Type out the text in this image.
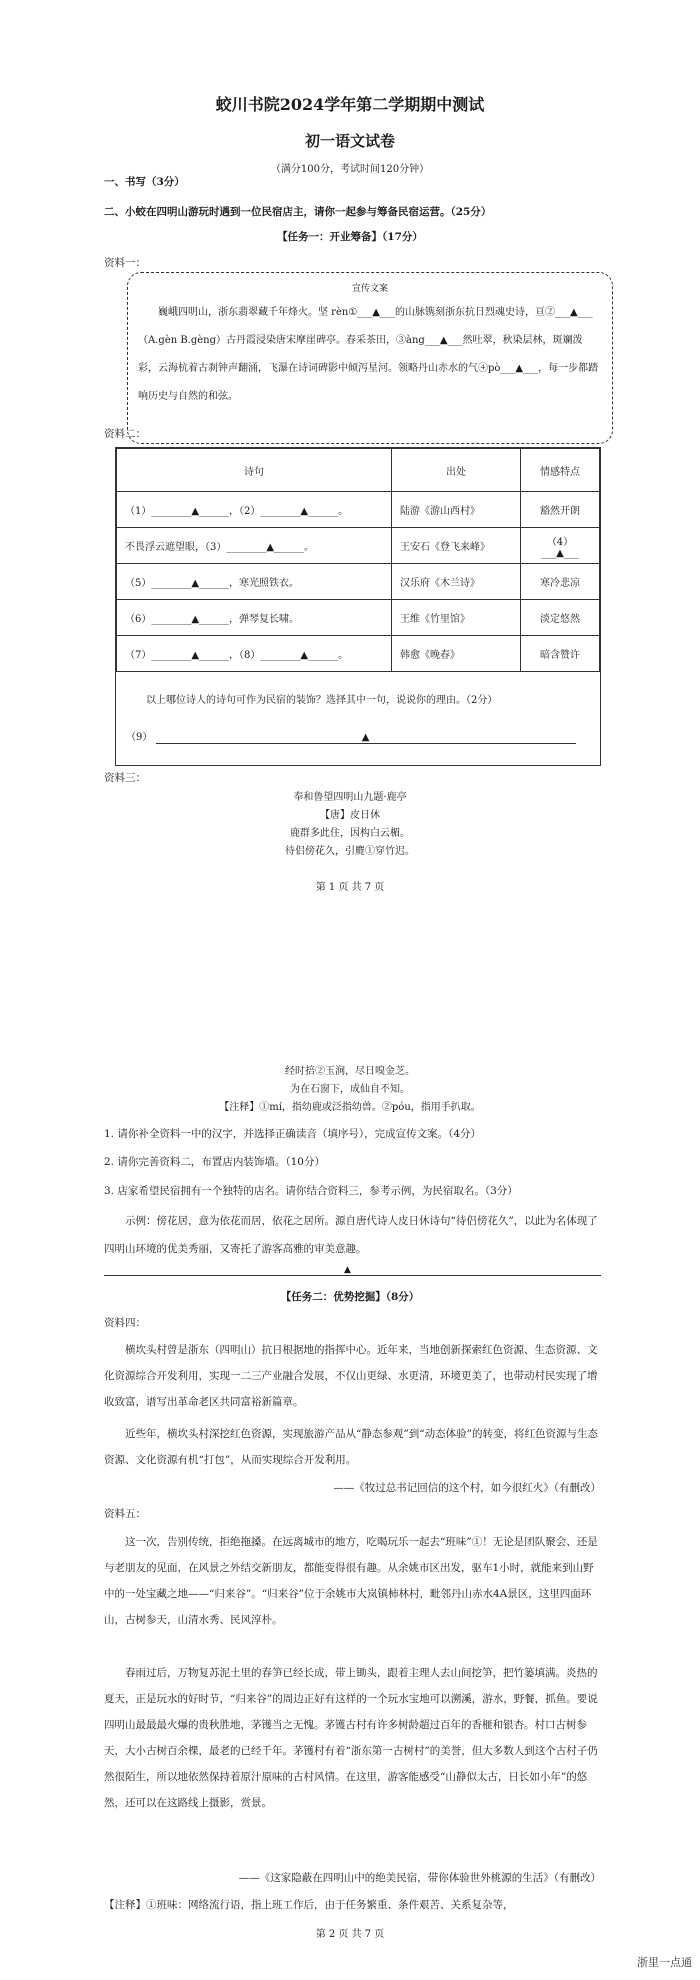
蛟川书院2024学年第二学期期中测试
初一语文试卷
（满分100分，考试时间120分钟）
一、书写（3分）
二、小蛟在四明山游玩时遇到一位民宿店主，请你一起参与筹备民宿运营。（25分）
【任务一：开业筹备】（17分）
资料一：
宣传文案
巍峨四明山，浙东翡翠藏千年烽火。坚 rèn①___▲___的山脉镌刻浙东抗日烈魂史诗，亘②___▲___（A.gèn B.gèng）古丹霞浸染唐宋摩崖碑亭。春采茶田，③àng___▲___然吐翠，秋染层林，斑斓泼彩，云海杭着古刹钟声翻涌，飞瀑在诗词碑影中倾泻星河。领略丹山赤水的气④pò___▲___，每一步都踏响历史与自然的和弦。
资料二：
诗句	出处	情感特点
（1）________▲______，（2）________▲______。	陆游《游山西村》	豁然开朗
不畏浮云遮望眼，（3）________▲______。	王安石《登飞来峰》	（4）___▲___
（5）________▲______，寒光照铁衣。	汉乐府《木兰诗》	寒冷悲凉
（6）________▲______，弹琴复长啸。	王维《竹里馆》	淡定悠然
（7）________▲______，（8）________▲______。	韩愈《晚春》	暗含赞许
以上哪位诗人的诗句可作为民宿的装饰？选择其中一句，说说你的理由。（2分）
（9）	▲
资料三：
奉和鲁望四明山九题·鹿亭
【唐】皮日休
鹿群多此住，因构白云楣。
待侣傍花久，引麑①穿竹迟。
第 1 页 共 7 页
经时掊②玉涧，尽日嗅金芝。
为在石窗下，成仙自不知。
【注释】①mí，指幼鹿或泛指幼兽。②póu，指用手扒取。
1. 请你补全资料一中的汉字，并选择正确读音（填序号），完成宣传文案。（4分）
2. 请你完善资料二，布置店内装饰墙。（10分）
3. 店家希望民宿拥有一个独特的店名。请你结合资料三，参考示例，为民宿取名。（3分）
示例：傍花居，意为依花而居，依花之居所。源自唐代诗人皮日休诗句“待侣傍花久”，以此为名体现了四明山环境的优美秀丽，又寄托了游客高雅的审美意趣。
▲
【任务二：优势挖掘】（8分）
资料四：
横坎头村曾是浙东（四明山）抗日根据地的指挥中心。近年来，当地创新探索红色资源、生态资源、文化资源综合开发利用，实现一二三产业融合发展，不仅山更绿、水更清，环境更美了，也带动村民实现了增收致富，谱写出革命老区共同富裕新篇章。
近些年，横坎头村深挖红色资源，实现旅游产品从“静态参观”到“动态体验”的转变，将红色资源与生态资源、文化资源有机“打包”，从而实现综合开发利用。
——《牧过总书记回信的这个村，如今很红火》（有删改）
资料五：
这一次，告别传统，拒绝拖搡。在远离城市的地方，吃喝玩乐一起去“班味”①！无论是团队聚会、还是与老朋友的见面，在风景之外结交新朋友，都能变得很有趣。从余姚市区出发，驱车1小时，就能来到山野中的一处宝藏之地——“归来谷”。“归来谷”位于余姚市大岚镇柿林村，毗邻丹山赤水4A景区，这里四面环山，古树参天，山清水秀、民风淳朴。
春雨过后，万物复苏泥土里的春笋已经长成，带上锄头，跟着主理人去山间挖笋，把竹篓填满。炎热的夏天，正是玩水的好时节，“归来谷”的周边正好有这样的一个玩水宝地可以溯溪，游水，野餐，抓鱼。要说四明山最最最火爆的贵秋胜地，茅镬当之无愧。茅镬古村有许多树龄超过百年的香榧和银杏。村口古树参天，大小古树百余棵，最老的已经千年。茅镬村有着“浙东第一古树村”的美誉，但大多数人到这个古村子仍然很陌生，所以地依然保持着原汁原味的古村风情。在这里，游客能感受“山静似太古，日长如小年”的悠然，还可以在这路线上摄影，赏景。
——《这家隐蔽在四明山中的绝美民宿，带你体验世外桃源的生活》（有删改）
【注释】①班味：网络流行语，指上班工作后，由于任务繁重、条件艰苦、关系复杂等，
第 2 页 共 7 页
浙里一点通
